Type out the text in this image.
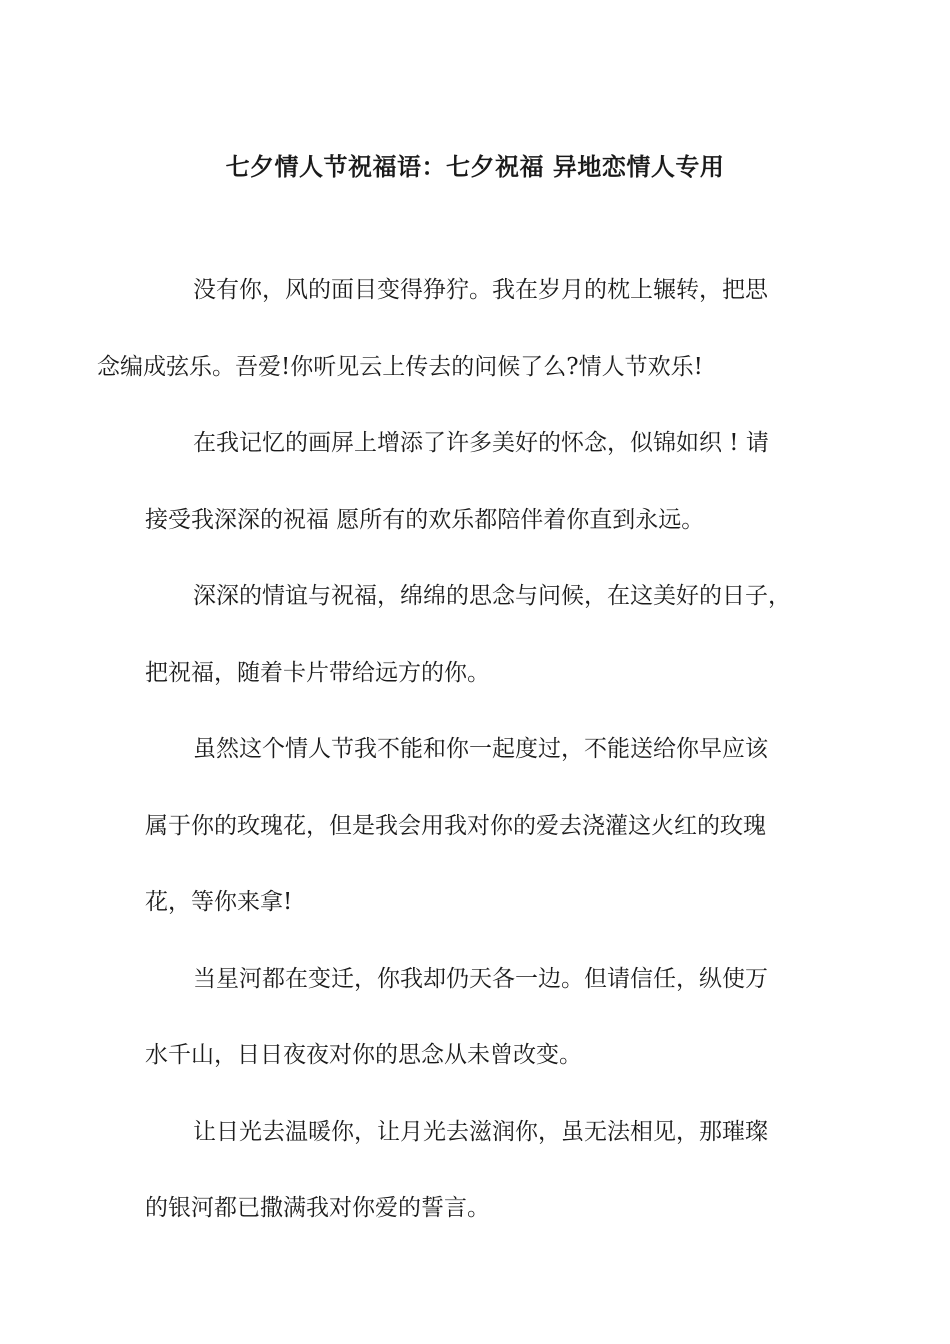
七夕情人节祝福语：七夕祝福 异地恋情人专用

没有你，风的面目变得狰狞。我在岁月的枕上辗转，把思
念编成弦乐。吾爱!你听见云上传去的问候了么?情人节欢乐!

在我记忆的画屏上增添了许多美好的怀念，似锦如织 ! 请
接受我深深的祝福 愿所有的欢乐都陪伴着你直到永远。

深深的情谊与祝福，绵绵的思念与问候，在这美好的日子，
把祝福，随着卡片带给远方的你。

虽然这个情人节我不能和你一起度过，不能送给你早应该
属于你的玫瑰花，但是我会用我对你的爱去浇灌这火红的玫瑰
花，等你来拿!

当星河都在变迁，你我却仍天各一边。但请信任，纵使万
水千山，日日夜夜对你的思念从未曾改变。

让日光去温暖你，让月光去滋润你，虽无法相见，那璀璨
的银河都已撒满我对你爱的誓言。
